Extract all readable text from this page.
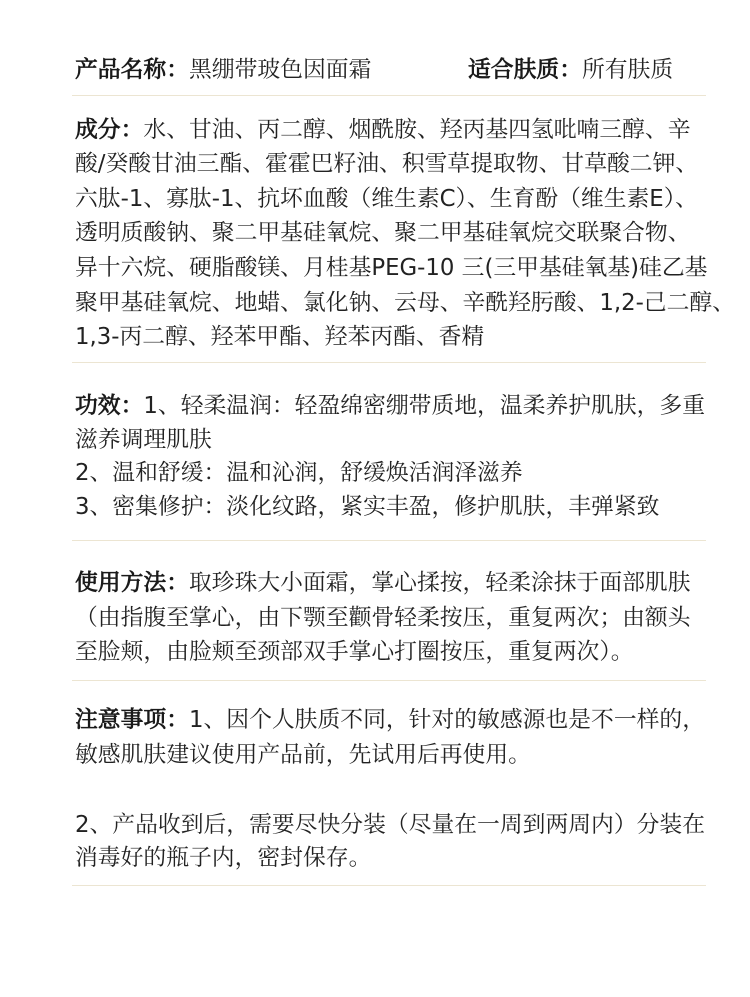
产品名称：黑绷带玻色因面霜	适合肤质：所有肤质
成分：水、甘油、丙二醇、烟酰胺、羟丙基四氢吡喃三醇、辛
酸/癸酸甘油三酯、霍霍巴籽油、积雪草提取物、甘草酸二钾、
六肽-1、寡肽-1、抗坏血酸（维生素C）、生育酚（维生素E）、
透明质酸钠、聚二甲基硅氧烷、聚二甲基硅氧烷交联聚合物、
异十六烷、硬脂酸镁、月桂基PEG-10 三(三甲基硅氧基)硅乙基
聚甲基硅氧烷、地蜡、氯化钠、云母、辛酰羟肟酸、1,2-己二醇、
1,3-丙二醇、羟苯甲酯、羟苯丙酯、香精
功效：1、轻柔温润：轻盈绵密绷带质地，温柔养护肌肤，多重
滋养调理肌肤
2、温和舒缓：温和沁润，舒缓焕活润泽滋养
3、密集修护：淡化纹路，紧实丰盈，修护肌肤，丰弹紧致
使用方法：取珍珠大小面霜，掌心揉按，轻柔涂抹于面部肌肤
（由指腹至掌心，由下颚至颧骨轻柔按压，重复两次；由额头
至脸颊，由脸颊至颈部双手掌心打圈按压，重复两次）。
注意事项：1、因个人肤质不同，针对的敏感源也是不一样的，
敏感肌肤建议使用产品前，先试用后再使用。
2、产品收到后，需要尽快分装（尽量在一周到两周内）分装在
消毒好的瓶子内，密封保存。
